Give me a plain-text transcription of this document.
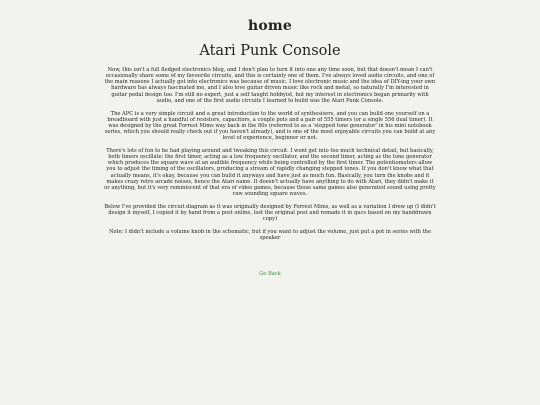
home
Atari Punk Console

Now, this isn't a full fledged electronics blog, and I don't plan to turn it into one any time soon, but that doesn't mean I can't occasionally share some of my favourite circuits, and this is certainly one of them. I've always loved audio circuits, and one of the main reasons I actually got into electronics was because of music. I love electronic music and the idea of DIY-ing your own hardware has always fascinated me, and I also love guitar driven music like rock and metal, so naturally I'm interested in guitar pedal design too. I'm still no expert, just a self taught hobbyist, but my interest in electronics began primarily with audio, and one of the first audio circuits I learned to build was the Atari Punk Console.

The APC is a very simple circuit and a great introduction to the world of synthesisers, and you can build one yourself on a breadboard with just a handful of resistors, capacitors, a couple pots and a pair of 555 timers (or a single 556 dual timer). It was designed by the great Forrest Mims way back in the 80s (referred to as a 'stepped tone generator' in his mini notebook series, which you should really check out if you haven't already), and is one of the most enjoyable circuits you can build at any level of experience, beginner or not.

There's lots of fun to be had playing around and tweaking this circuit. I wont get into too much technical detail, but basically, both timers oscillate: the first timer, acting as a low frequency oscillator, and the second timer, acting as the tone generator which produces the square wave at an audible frequency while being controlled by the first timer. The potentiometers allow you to adjust the timing of the oscillators, producing a stream of rapidly changing stepped tones. If you don't know what that actually means, it's okay, because you can build it anyways and have just as much fun. Basically, you turn the knobs and it makes crazy retro arcade noises, hence the Atari name. It doesn't actually have anything to do with Atari, they didn't make it or anything, but it's very reminiscent of that era of video games, because those same games also generated sound using pretty raw sounding square waves.

Below I've provided the circuit diagram as it was originally designed by Forrest Mims, as well as a variation I drew up (I didn't design it myself, I copied it by hand from a post online, lost the original post and remade it in qucs based on my handdrawn copy)

Note: I didn't include a volume knob in the schematic, but if you want to adjust the volume, just put a pot in series with the speaker

Go Back
